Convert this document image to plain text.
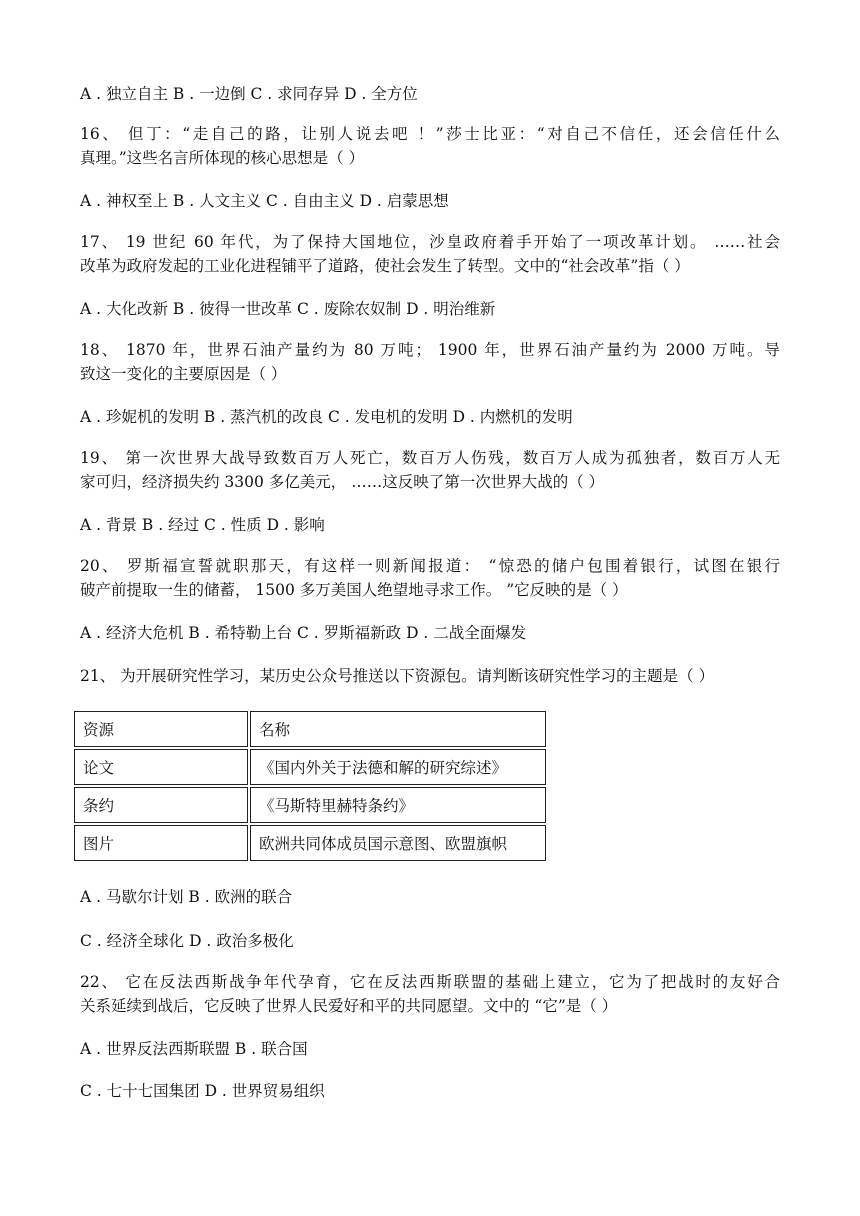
A . 独立自主 B . 一边倒 C . 求同存异 D . 全方位
16、 但丁：“走自己的路，让别人说去吧 ！”莎士比亚：“对自己不信任，还会信任什么
真理。”这些名言所体现的核心思想是（ ）
A . 神权至上 B . 人文主义 C . 自由主义 D . 启蒙思想
17、 19 世纪 60 年代，为了保持大国地位，沙皇政府着手开始了一项改革计划。 ……社会
改革为政府发起的工业化进程铺平了道路，使社会发生了转型。文中的“社会改革”指（ ）
A . 大化改新 B . 彼得一世改革 C . 废除农奴制 D . 明治维新
18、 1870 年，世界石油产量约为 80 万吨； 1900 年，世界石油产量约为 2000 万吨。导
致这一变化的主要原因是（ ）
A . 珍妮机的发明 B . 蒸汽机的改良 C . 发电机的发明 D . 内燃机的发明
19、 第一次世界大战导致数百万人死亡，数百万人伤残，数百万人成为孤独者，数百万人无
家可归，经济损失约 3300 多亿美元， ……这反映了第一次世界大战的（ ）
A . 背景 B . 经过 C . 性质 D . 影响
20、 罗斯福宣誓就职那天，有这样一则新闻报道： “惊恐的储户包围着银行，试图在银行
破产前提取一生的储蓄， 1500 多万美国人绝望地寻求工作。 ”它反映的是（ ）
A . 经济大危机 B . 希特勒上台 C . 罗斯福新政 D . 二战全面爆发
21、 为开展研究性学习，某历史公众号推送以下资源包。请判断该研究性学习的主题是（ ）
资源	名称
论文	《国内外关于法德和解的研究综述》
条约	《马斯特里赫特条约》
图片	欧洲共同体成员国示意图、欧盟旗帜
A . 马歇尔计划 B . 欧洲的联合
C . 经济全球化 D . 政治多极化
22、 它在反法西斯战争年代孕育，它在反法西斯联盟的基础上建立，它为了把战时的友好合
关系延续到战后，它反映了世界人民爱好和平的共同愿望。文中的 “它”是（ ）
A . 世界反法西斯联盟 B . 联合国
C . 七十七国集团 D . 世界贸易组织
